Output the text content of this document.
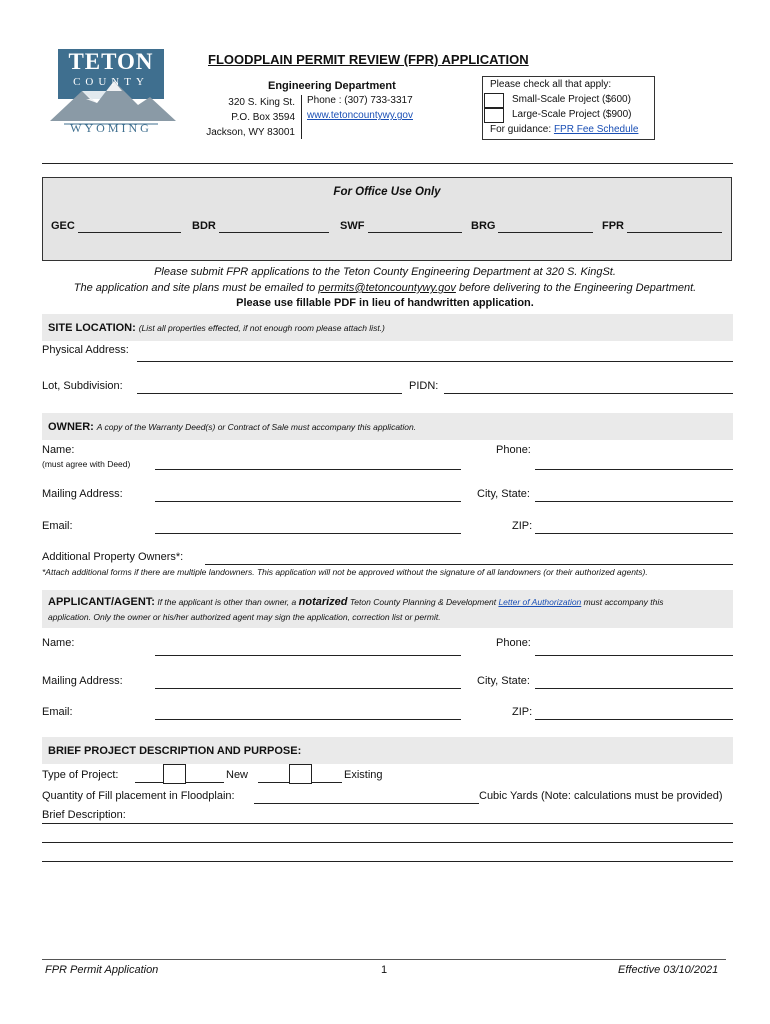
TETON
COUNTY
WYOMING
FLOODPLAIN PERMIT REVIEW (FPR) APPLICATION
Engineering Department
320 S. King St.
P.O. Box 3594
Jackson, WY 83001
Phone : (307) 733-3317
www.tetoncountywy.gov
Please check all that apply:
Small-Scale Project ($600)
Large-Scale Project ($900)
For guidance: FPR Fee Schedule
For Office Use Only
GEC	BDR	SWF	BRG	FPR
Please submit FPR applications to the Teton County Engineering Department at 320 S. KingSt.
The application and site plans must be emailed to permits@tetoncountywy.gov before delivering to the Engineering Department.
Please use fillable PDF in lieu of handwritten application.
SITE LOCATION: (List all properties effected, if not enough room please attach list.)
Physical Address:
Lot, Subdivision:	PIDN:
OWNER: A copy of the Warranty Deed(s) or Contract of Sale must accompany this application.
Name:
(must agree with Deed)
Phone:
Mailing Address:	City, State:
Email:	ZIP:
Additional Property Owners*:
*Attach additional forms if there are multiple landowners. This application will not be approved without the signature of all landowners (or their authorized agents).
APPLICANT/AGENT: If the applicant is other than owner, a notarized Teton County Planning & Development Letter of Authorization must accompany this
application. Only the owner or his/her authorized agent may sign the application, correction list or permit.
Name:	Phone:
Mailing Address:	City, State:
Email:	ZIP:
BRIEF PROJECT DESCRIPTION AND PURPOSE:
Type of Project:	New	Existing
Quantity of Fill placement in Floodplain:	Cubic Yards (Note: calculations must be provided)
Brief Description:
FPR Permit Application	1	Effective 03/10/2021
